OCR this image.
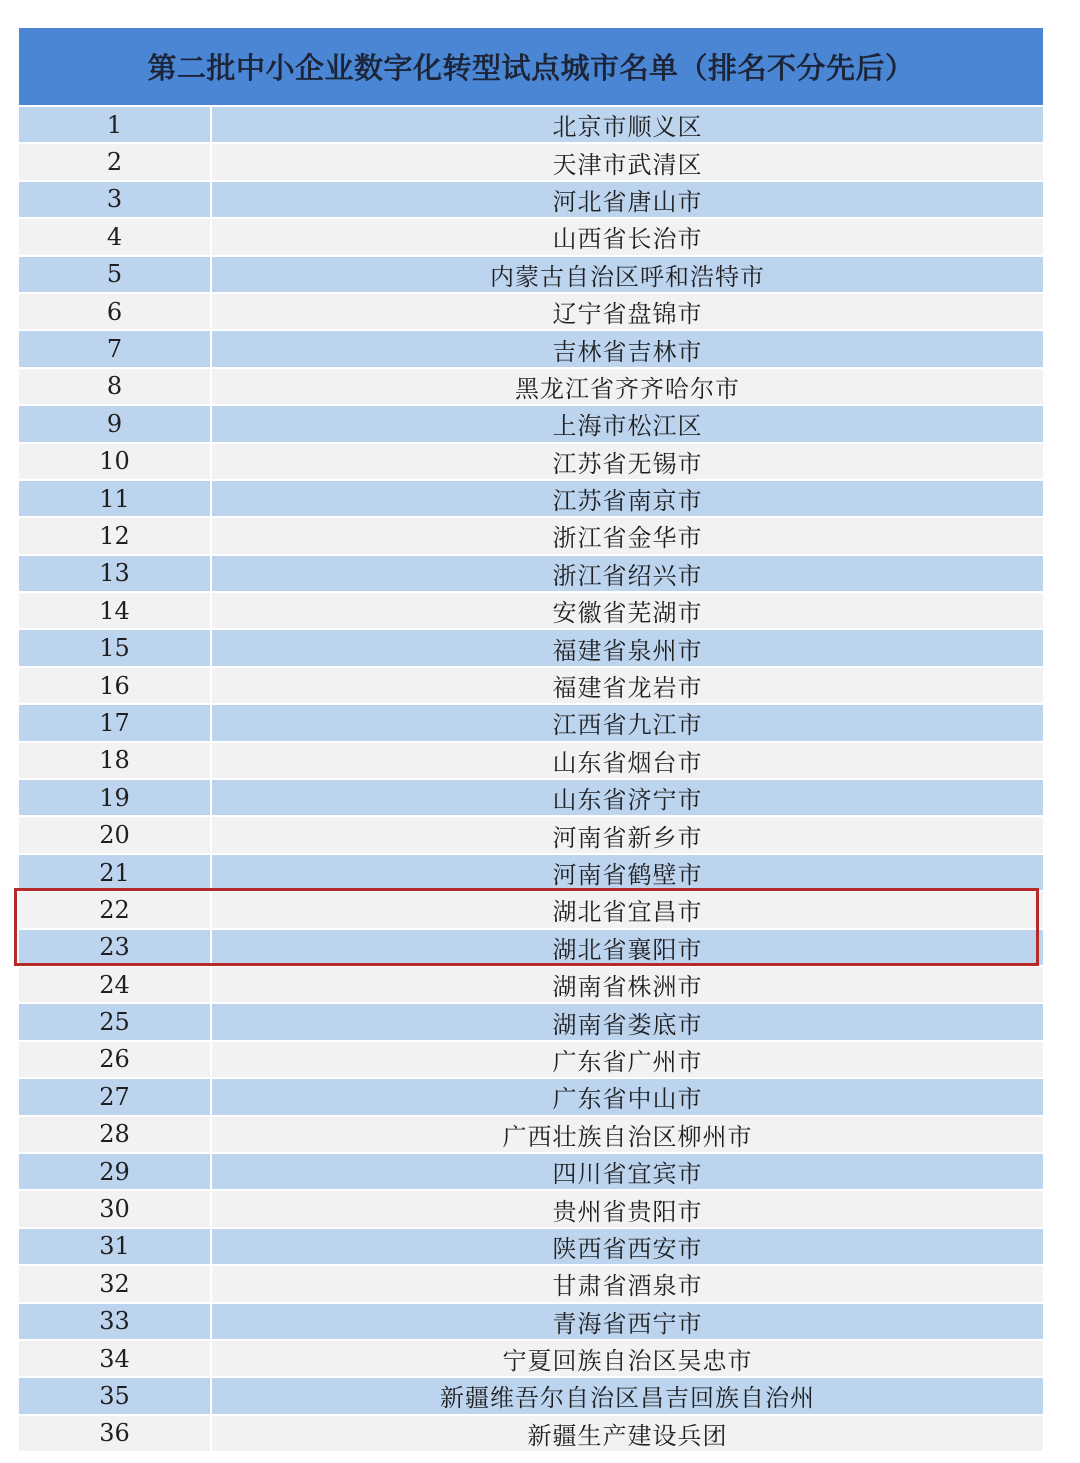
第二批中小企业数字化转型试点城市名单（排名不分先后）
1	北京市顺义区
2	天津市武清区
3	河北省唐山市
4	山西省长治市
5	内蒙古自治区呼和浩特市
6	辽宁省盘锦市
7	吉林省吉林市
8	黑龙江省齐齐哈尔市
9	上海市松江区
10	江苏省无锡市
11	江苏省南京市
12	浙江省金华市
13	浙江省绍兴市
14	安徽省芜湖市
15	福建省泉州市
16	福建省龙岩市
17	江西省九江市
18	山东省烟台市
19	山东省济宁市
20	河南省新乡市
21	河南省鹤壁市
22	湖北省宜昌市
23	湖北省襄阳市
24	湖南省株洲市
25	湖南省娄底市
26	广东省广州市
27	广东省中山市
28	广西壮族自治区柳州市
29	四川省宜宾市
30	贵州省贵阳市
31	陕西省西安市
32	甘肃省酒泉市
33	青海省西宁市
34	宁夏回族自治区吴忠市
35	新疆维吾尔自治区昌吉回族自治州
36	新疆生产建设兵团
